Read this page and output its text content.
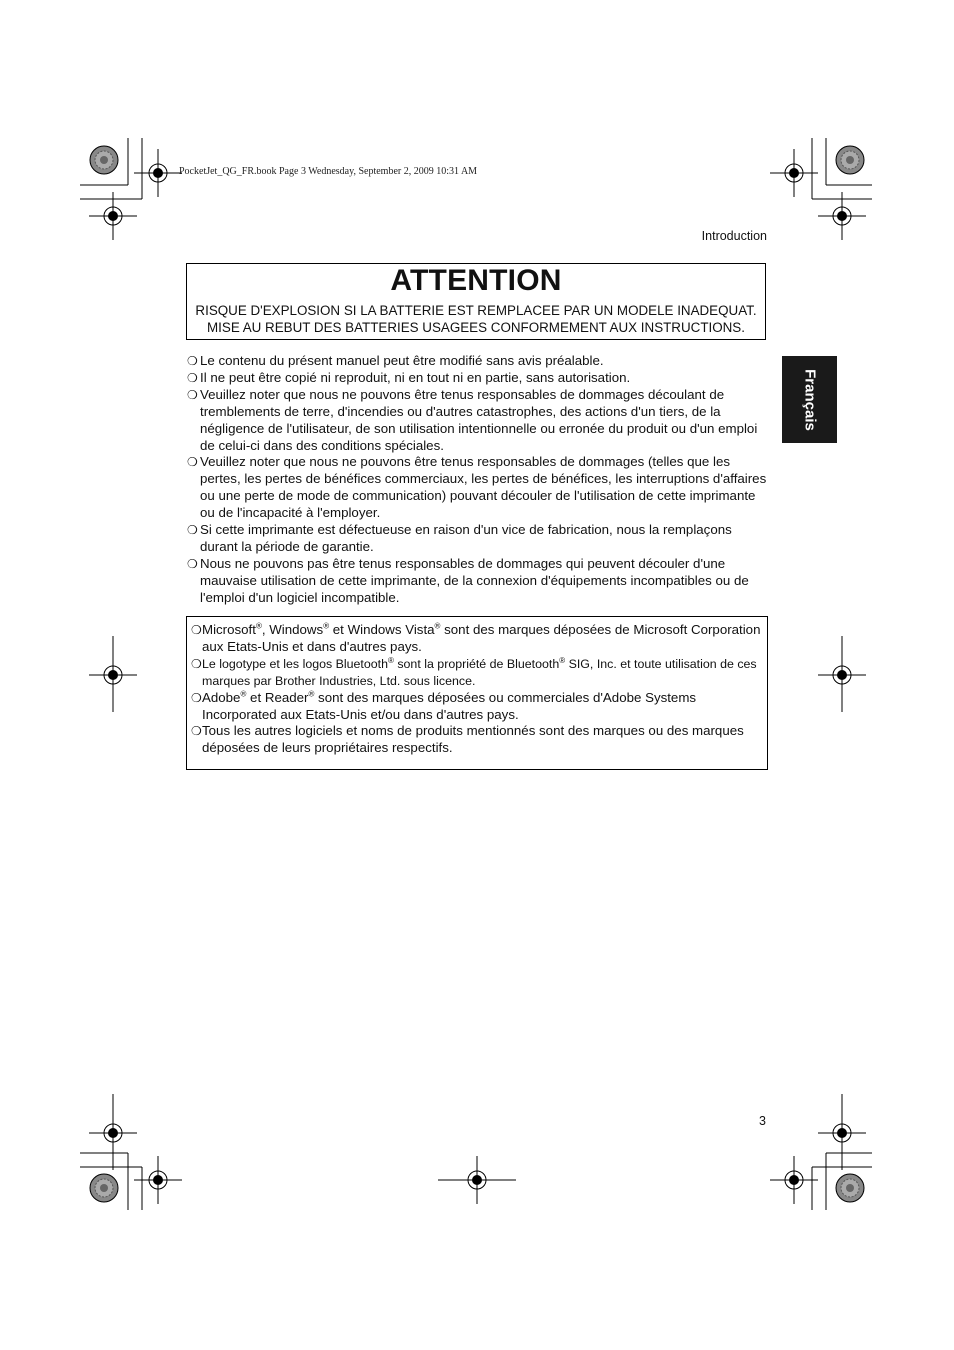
PocketJet_QG_FR.book Page 3 Wednesday, September 2, 2009 10:31 AM
Introduction
Français
ATTENTION
RISQUE D'EXPLOSION SI LA BATTERIE EST REMPLACEE PAR UN MODELE INADEQUAT.
MISE AU REBUT DES BATTERIES USAGEES CONFORMEMENT AUX INSTRUCTIONS.
❍ Le contenu du présent manuel peut être modifié sans avis préalable.
❍ Il ne peut être copié ni reproduit, ni en tout ni en partie, sans autorisation.
❍ Veuillez noter que nous ne pouvons être tenus responsables de dommages découlant de tremblements de terre, d'incendies ou d'autres catastrophes, des actions d'un tiers, de la négligence de l'utilisateur, de son utilisation intentionnelle ou erronée du produit ou d'un emploi de celui-ci dans des conditions spéciales.
❍ Veuillez noter que nous ne pouvons être tenus responsables de dommages (telles que les pertes, les pertes de bénéfices commerciaux, les pertes de bénéfices, les interruptions d'affaires ou une perte de mode de communication) pouvant découler de l'utilisation de cette imprimante ou de l'incapacité à l'employer.
❍ Si cette imprimante est défectueuse en raison d'un vice de fabrication, nous la remplaçons durant la période de garantie.
❍ Nous ne pouvons pas être tenus responsables de dommages qui peuvent découler d'une mauvaise utilisation de cette imprimante, de la connexion d'équipements incompatibles ou de l'emploi d'un logiciel incompatible.
❍ Microsoft®, Windows® et Windows Vista® sont des marques déposées de Microsoft Corporation aux Etats-Unis et dans d'autres pays.
❍ Le logotype et les logos Bluetooth® sont la propriété de Bluetooth® SIG, Inc. et toute utilisation de ces marques par Brother Industries, Ltd. sous licence.
❍ Adobe® et Reader® sont des marques déposées ou commerciales d'Adobe Systems Incorporated aux Etats-Unis et/ou dans d'autres pays.
❍ Tous les autres logiciels et noms de produits mentionnés sont des marques ou des marques déposées de leurs propriétaires respectifs.
3
